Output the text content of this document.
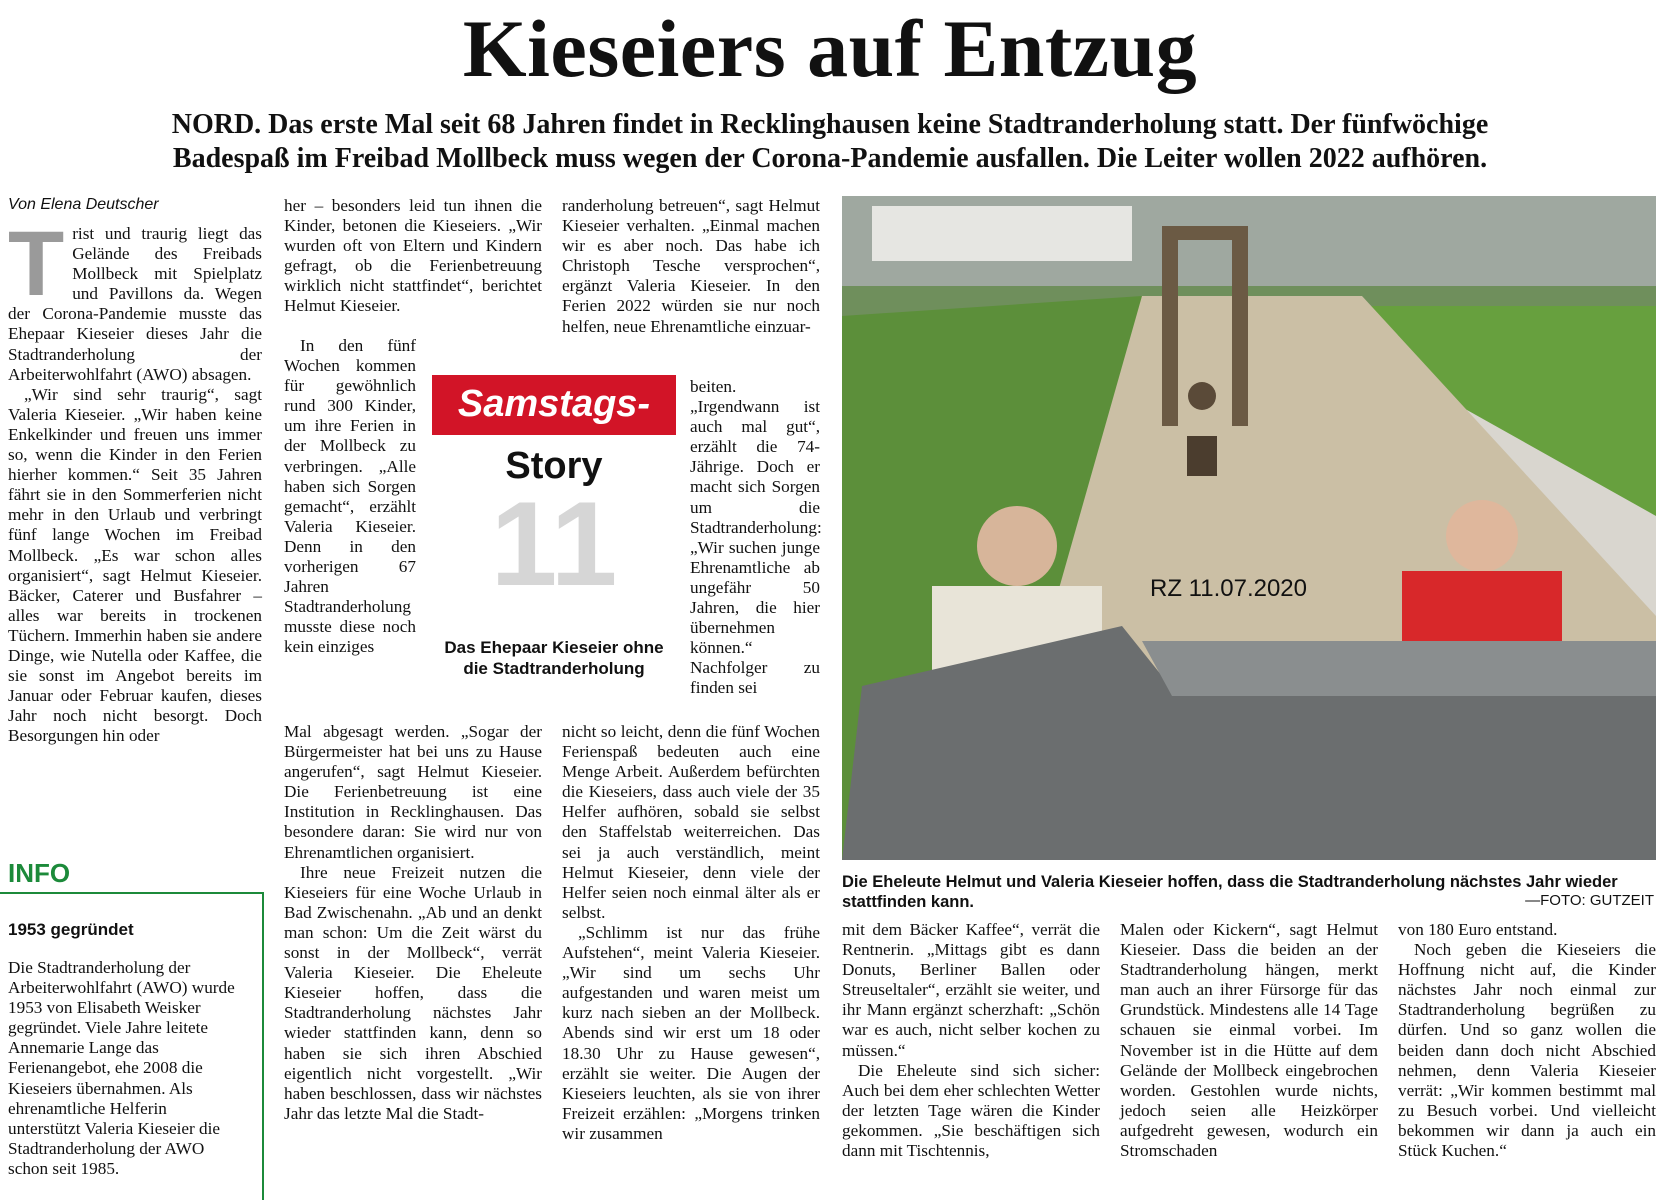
Kieseiers auf Entzug
NORD. Das erste Mal seit 68 Jahren findet in Recklinghausen keine Stadtranderholung statt. Der fünfwöchige
Badespaß im Freibad Mollbeck muss wegen der Corona-Pandemie ausfallen. Die Leiter wollen 2022 aufhören.
Von Elena Deutscher
T rist und traurig liegt das Gelände des Freibads Mollbeck mit Spielplatz und Pavillons da. Wegen der Corona-Pandemie musste das Ehepaar Kieseier dieses Jahr die Stadtranderholung der Arbeiterwohlfahrt (AWO) absagen.

„Wir sind sehr traurig“, sagt Valeria Kieseier. „Wir haben keine Enkelkinder und freuen uns immer so, wenn die Kinder in den Ferien hierher kommen.“ Seit 35 Jahren fährt sie in den Sommerferien nicht mehr in den Urlaub und verbringt fünf lange Wochen im Freibad Mollbeck. „Es war schon alles organisiert“, sagt Helmut Kieseier. Bäcker, Caterer und Busfahrer – alles war bereits in trockenen Tüchern. Immerhin haben sie andere Dinge, wie Nutella oder Kaffee, die sie sonst im Angebot bereits im Januar oder Februar kaufen, dieses Jahr noch nicht besorgt. Doch Besorgungen hin oder

INFO
1953 gegründet
Die Stadtranderholung der Arbeiterwohlfahrt (AWO) wurde 1953 von Elisabeth Weisker gegründet. Viele Jahre leitete Annemarie Lange das Ferienangebot, ehe 2008 die Kieseiers übernahmen. Als ehrenamtliche Helferin unterstützt Valeria Kieseier die Stadtranderholung der AWO schon seit 1985.

her – besonders leid tun ihnen die Kinder, betonen die Kieseiers. „Wir wurden oft von Eltern und Kindern gefragt, ob die Ferienbetreuung wirklich nicht stattfindet“, berichtet Helmut Kieseier.

In den fünf Wochen kommen für gewöhnlich rund 300 Kinder, um ihre Ferien in der Mollbeck zu verbringen. „Alle haben sich Sorgen gemacht“, erzählt Valeria Kieseier. Denn in den vorherigen 67 Jahren Stadtranderholung musste diese noch kein einziges

Mal abgesagt werden. „Sogar der Bürgermeister hat bei uns zu Hause angerufen“, sagt Helmut Kieseier. Die Ferienbetreuung ist eine Institution in Recklinghausen. Das besondere daran: Sie wird nur von Ehrenamtlichen organisiert.

Ihre neue Freizeit nutzen die Kieseiers für eine Woche Urlaub in Bad Zwischenahn. „Ab und an denkt man schon: Um die Zeit wärst du sonst in der Mollbeck“, verrät Valeria Kieseier. Die Eheleute Kieseier hoffen, dass die Stadtranderholung nächstes Jahr wieder stattfinden kann, denn so haben sie sich ihren Abschied eigentlich nicht vorgestellt. „Wir haben beschlossen, dass wir nächstes Jahr das letzte Mal die Stadt-

randerholung betreuen“, sagt Helmut Kieseier verhalten. „Einmal machen wir es aber noch. Das habe ich Christoph Tesche versprochen“, ergänzt Valeria Kieseier. In den Ferien 2022 würden sie nur noch helfen, neue Ehrenamtliche einzuar-

beiten. „Irgendwann ist auch mal gut“, erzählt die 74-Jährige. Doch er macht sich Sorgen um die Stadtranderholung: „Wir suchen junge Ehrenamtliche ab ungefähr 50 Jahren, die hier übernehmen können.“ Nachfolger zu finden sei

nicht so leicht, denn die fünf Wochen Ferienspaß bedeuten auch eine Menge Arbeit. Außerdem befürchten die Kieseiers, dass auch viele der 35 Helfer aufhören, sobald sie selbst den Staffelstab weiterreichen. Das sei ja auch verständlich, meint Helmut Kieseier, denn viele der Helfer seien noch einmal älter als er selbst.

„Schlimm ist nur das frühe Aufstehen“, meint Valeria Kieseier. „Wir sind um sechs Uhr aufgestanden und waren meist um kurz nach sieben an der Mollbeck. Abends sind wir erst um 18 oder 18.30 Uhr zu Hause gewesen“, erzählt sie weiter. Die Augen der Kieseiers leuchten, als sie von ihrer Freizeit erzählen: „Morgens trinken wir zusammen

Samstags-
Story
11
Das Ehepaar Kieseier ohne die Stadtranderholung
RZ 11.07.2020
Die Eheleute Helmut und Valeria Kieseier hoffen, dass die Stadtranderholung nächstes Jahr wieder stattfinden kann.	—FOTO: GUTZEIT

mit dem Bäcker Kaffee“, verrät die Rentnerin. „Mittags gibt es dann Donuts, Berliner Ballen oder Streuseltaler“, erzählt sie weiter, und ihr Mann ergänzt scherzhaft: „Schön war es auch, nicht selber kochen zu müssen.“

Die Eheleute sind sich sicher: Auch bei dem eher schlechten Wetter der letzten Tage wären die Kinder gekommen. „Sie beschäftigen sich dann mit Tischtennis,

Malen oder Kickern“, sagt Helmut Kieseier. Dass die beiden an der Stadtranderholung hängen, merkt man auch an ihrer Fürsorge für das Grundstück. Mindestens alle 14 Tage schauen sie einmal vorbei. Im November ist in die Hütte auf dem Gelände der Mollbeck eingebrochen worden. Gestohlen wurde nichts, jedoch seien alle Heizkörper aufgedreht gewesen, wodurch ein Stromschaden

von 180 Euro entstand.

Noch geben die Kieseiers die Hoffnung nicht auf, die Kinder nächstes Jahr noch einmal zur Stadtranderholung begrüßen zu dürfen. Und so ganz wollen die beiden dann doch nicht Abschied nehmen, denn Valeria Kieseier verrät: „Wir kommen bestimmt mal zu Besuch vorbei. Und vielleicht bekommen wir dann ja auch ein Stück Kuchen.“
